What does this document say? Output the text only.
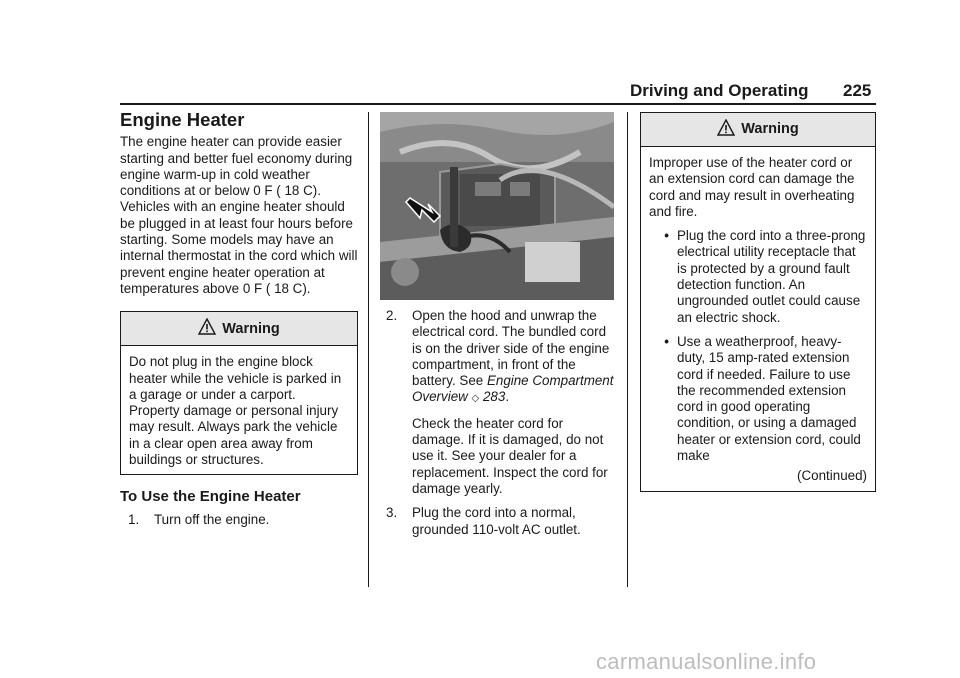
Driving and Operating 225
Engine Heater

The engine heater can provide easier starting and better fuel economy during engine warm-up in cold weather conditions at or below 0 F ( 18 C). Vehicles with an engine heater should be plugged in at least four hours before starting. Some models may have an internal thermostat in the cord which will prevent engine heater operation at temperatures above 0 F ( 18 C).

Warning
Do not plug in the engine block heater while the vehicle is parked in a garage or under a carport. Property damage or personal injury may result. Always park the vehicle in a clear open area away from buildings or structures.
To Use the Engine Heater
1.	Turn off the engine.
2.	Open the hood and unwrap the electrical cord. The bundled cord is on the driver side of the engine compartment, in front of the battery. See Engine Compartment Overview ◇ 283.

Check the heater cord for damage. If it is damaged, do not use it. See your dealer for a replacement. Inspect the cord for damage yearly.

3.	Plug the cord into a normal, grounded 110-volt AC outlet.
Warning

Improper use of the heater cord or an extension cord can damage the cord and may result in overheating and fire.

• Plug the cord into a three-prong electrical utility receptacle that is protected by a ground fault detection function. An ungrounded outlet could cause an electric shock.
• Use a weatherproof, heavy-duty, 15 amp-rated extension cord if needed. Failure to use the recommended extension cord in good operating condition, or using a damaged heater or extension cord, could make
(Continued)
carmanualsonline.info
